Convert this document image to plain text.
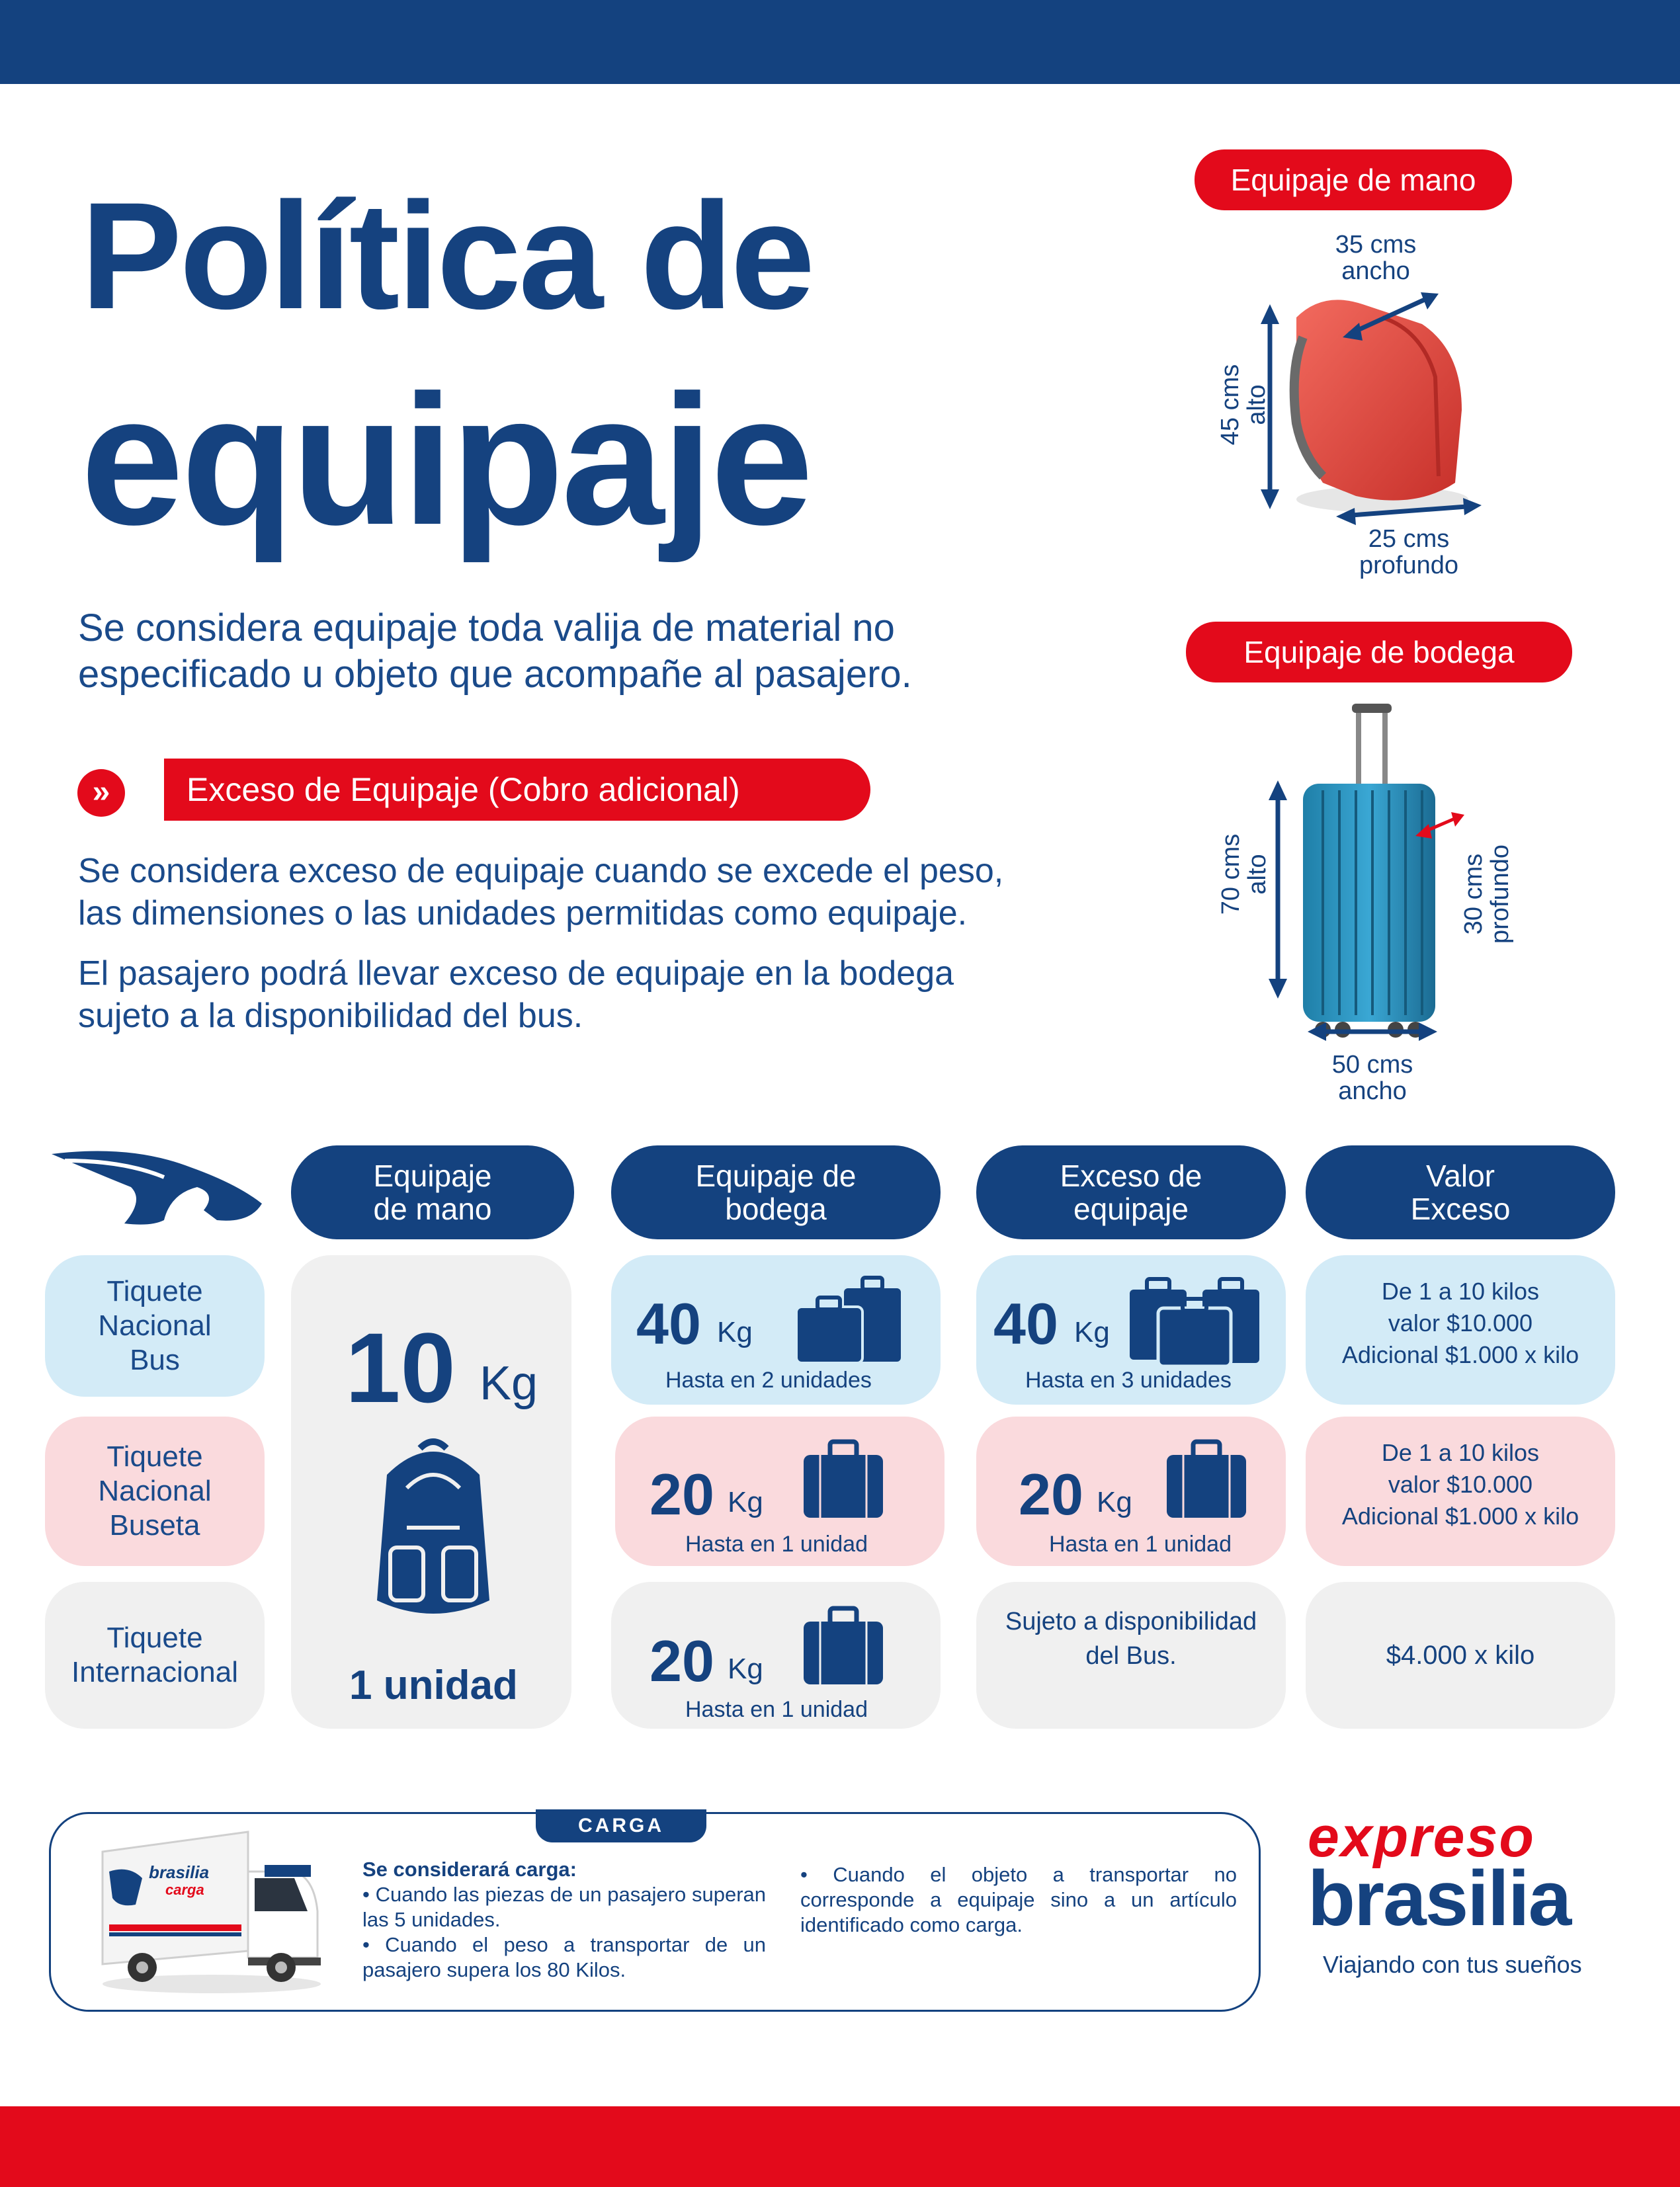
Política de
equipaje
Se considera equipaje toda valija de material no
especificado u objeto que acompañe al pasajero.
»	Exceso de Equipaje (Cobro adicional)
Se considera exceso de equipaje cuando se excede el peso,
las dimensiones o las unidades permitidas como equipaje.
El pasajero podrá llevar exceso de equipaje en la bodega
sujeto a la disponibilidad del bus.
Equipaje de mano
35 cms
ancho
45 cms
alto
25 cms
profundo
Equipaje de bodega
70 cms
alto	30 cms
profundo
50 cms
ancho
Equipaje
de mano
Equipaje de
bodega
Exceso de
equipaje
Valor
Exceso
Tiquete
Nacional
Bus
Tiquete
Nacional
Buseta
Tiquete
Internacional
10 Kg
1 unidad
40 Kg
Hasta en 2 unidades
20 Kg
Hasta en 1 unidad
20 Kg
Hasta en 1 unidad
40 Kg
Hasta en 3 unidades
20 Kg
Hasta en 1 unidad
Sujeto a disponibilidad
del Bus.
De 1 a 10 kilos
valor $10.000
Adicional $1.000 x kilo
De 1 a 10 kilos
valor $10.000
Adicional $1.000 x kilo
$4.000 x kilo
CARGA
brasilia
carga
Se considerará carga:
• Cuando las piezas de un pasajero superan las 5 unidades.
• Cuando el peso a transportar de un pasajero supera los 80 Kilos.
• Cuando el objeto a transportar no corresponde a equipaje sino a un artículo identificado como carga.
expreso
brasilia
Viajando con tus sueños
